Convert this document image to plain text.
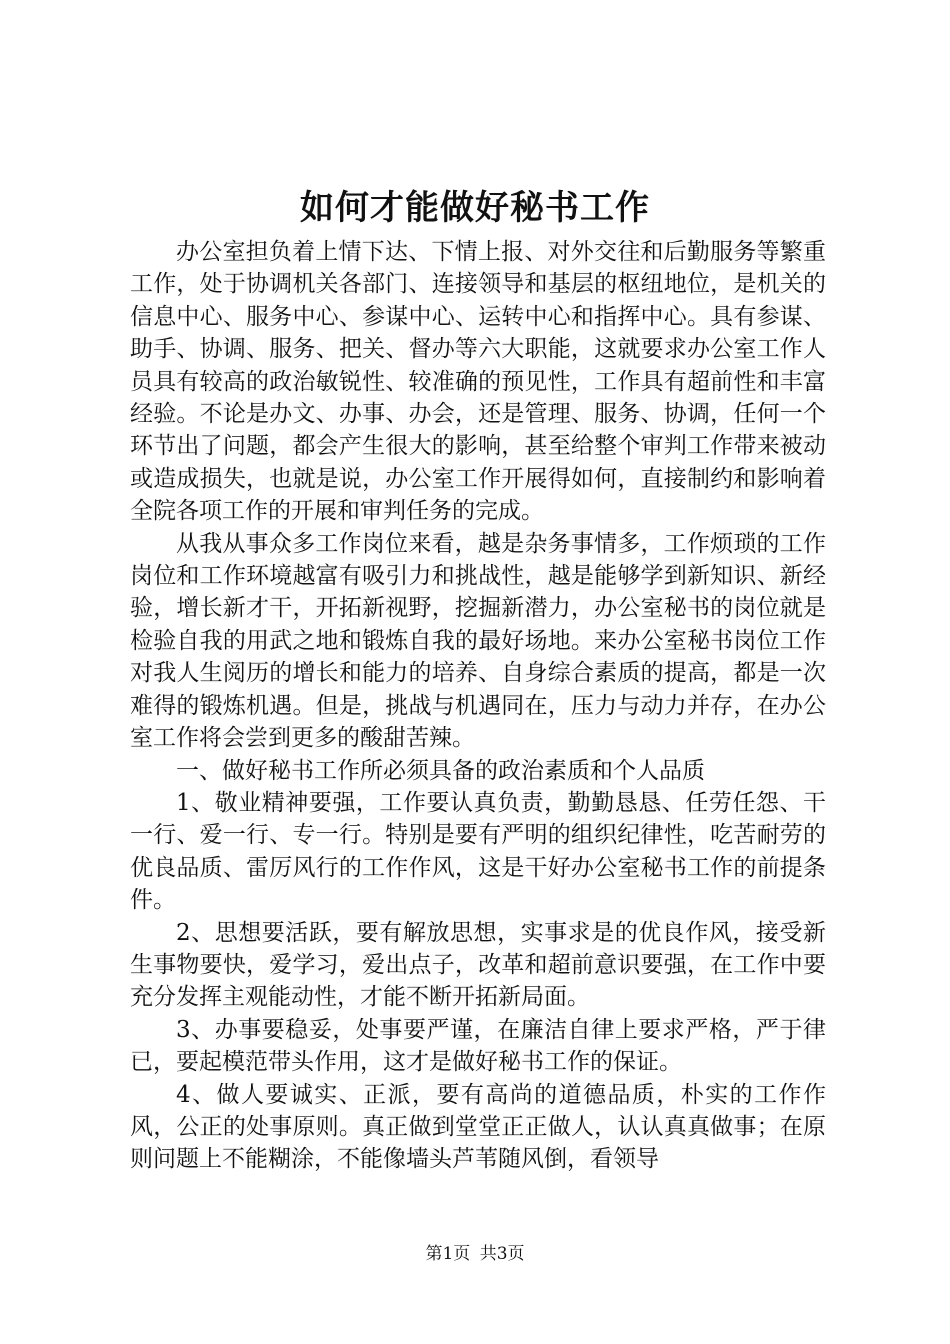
如何才能做好秘书工作

办公室担负着上情下达、下情上报、对外交往和后勤服务等繁重工作，处于协调机关各部门、连接领导和基层的枢纽地位，是机关的信息中心、服务中心、参谋中心、运转中心和指挥中心。具有参谋、助手、协调、服务、把关、督办等六大职能，这就要求办公室工作人员具有较高的政治敏锐性、较准确的预见性，工作具有超前性和丰富经验。不论是办文、办事、办会，还是管理、服务、协调，任何一个环节出了问题，都会产生很大的影响，甚至给整个审判工作带来被动或造成损失，也就是说，办公室工作开展得如何，直接制约和影响着全院各项工作的开展和审判任务的完成。

从我从事众多工作岗位来看，越是杂务事情多，工作烦琐的工作岗位和工作环境越富有吸引力和挑战性，越是能够学到新知识、新经验，增长新才干，开拓新视野，挖掘新潜力，办公室秘书的岗位就是检验自我的用武之地和锻炼自我的最好场地。来办公室秘书岗位工作对我人生阅历的增长和能力的培养、自身综合素质的提高，都是一次难得的锻炼机遇。但是，挑战与机遇同在，压力与动力并存，在办公室工作将会尝到更多的酸甜苦辣。

一、做好秘书工作所必须具备的政治素质和个人品质

1、敬业精神要强，工作要认真负责，勤勤恳恳、任劳任怨、干一行、爱一行、专一行。特别是要有严明的组织纪律性，吃苦耐劳的优良品质、雷厉风行的工作作风，这是干好办公室秘书工作的前提条件。

2、思想要活跃，要有解放思想，实事求是的优良作风，接受新生事物要快，爱学习，爱出点子，改革和超前意识要强，在工作中要充分发挥主观能动性，才能不断开拓新局面。

3、办事要稳妥，处事要严谨，在廉洁自律上要求严格，严于律已，要起模范带头作用，这才是做好秘书工作的保证。

4、做人要诚实、正派，要有高尚的道德品质，朴实的工作作风，公正的处事原则。真正做到堂堂正正做人，认认真真做事；在原则问题上不能糊涂，不能像墙头芦苇随风倒，看领导

第1页 共3页
